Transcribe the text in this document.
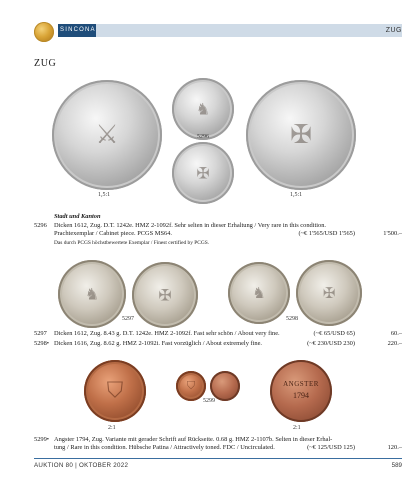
SINCONA	ZUG
ZUG
⚔
♞
5296
✠
✠
1,5:1	1,5:1
Stadt und Kanton
5296	Dicken 1612, Zug. D.T. 1242e. HMZ 2-1092f. Sehr selten in dieser Erhaltung / Very rare in this condition.
Prachtexemplar / Cabinet piece. PCGS MS64.	(~€ 1'565/USD 1'565)	1'500.–
Das durch PCGS höchstbewertete Exemplar / Finest certified by PCGS.
♞	✠
5297
♞
5298
✠
5297	Dicken 1612, Zug. 8.43 g. D.T. 1242e. HMZ 2-1092f. Fast sehr schön / About very fine.	(~€ 65/USD 65)	60.–
5298• Dicken 1616, Zug. 8.62 g. HMZ 2-1092i. Fast vorzüglich / About extremely fine.	(~€ 230/USD 230)	220.–
⛉	⛉
5299
ANGSTER
1794
2:1	2:1
5299• Angster 1794, Zug. Variante mit gerader Schrift auf Rückseite. 0.68 g. HMZ 2-1107b. Selten in dieser Erhal-
tung / Rare in this condition. Hübsche Patina / Attractively toned. FDC / Uncirculated.	(~€ 125/USD 125)	120.–
AUKTION 80 | OKTOBER 2022	589
